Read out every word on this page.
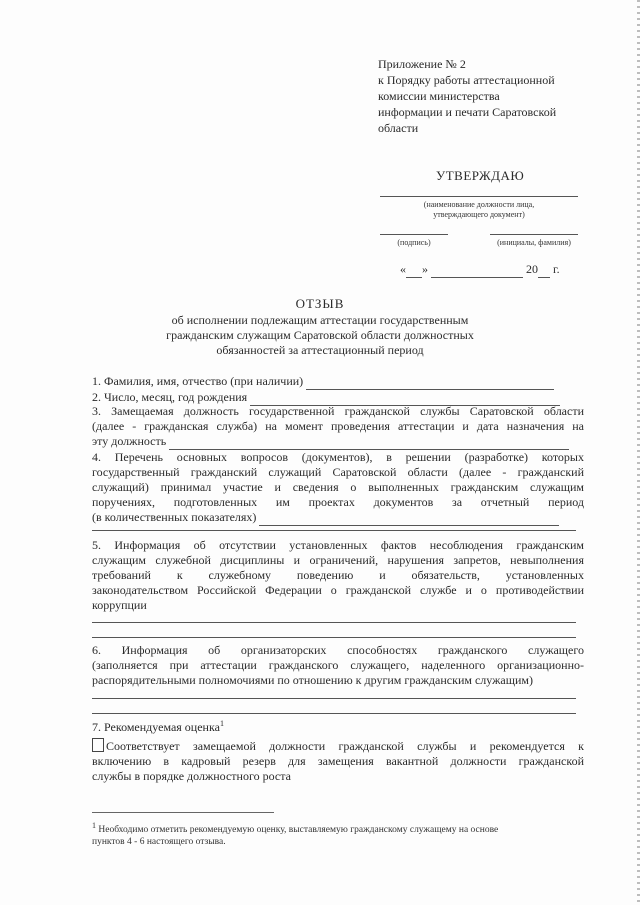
Приложение № 2
к Порядку работы аттестационной
комиссии министерства
информации и печати Саратовской
области
УТВЕРЖДАЮ
(наименование должности лица,
утверждающего документ)
(подпись)	(инициалы, фамилия)
« »	20 г.
ОТЗЫВ
об исполнении подлежащим аттестации государственным
гражданским служащим Саратовской области должностных
обязанностей за аттестационный период
1. Фамилия, имя, отчество (при наличии)
2. Число, месяц, год рождения
3. Замещаемая должность государственной гражданской службы Саратовской области
(далее - гражданская служба) на момент проведения аттестации и дата назначения на
эту должность
4. Перечень основных вопросов (документов), в решении (разработке) которых
государственный гражданский служащий Саратовской области (далее - гражданский
служащий) принимал участие и сведения о выполненных гражданским служащим
поручениях, подготовленных им проектах документов за отчетный период
(в количественных показателях)
5. Информация об отсутствии установленных фактов несоблюдения гражданским
служащим служебной дисциплины и ограничений, нарушения запретов, невыполнения
требований к служебному поведению и обязательств, установленных
законодательством Российской Федерации о гражданской службе и о противодействии
коррупции
6. Информация об организаторских способностях гражданского служащего
(заполняется при аттестации гражданского служащего, наделенного организационно-
распорядительными полномочиями по отношению к другим гражданским служащим)
7. Рекомендуемая оценка$^1$
Соответствует замещаемой должности гражданской службы и рекомендуется к
включению в кадровый резерв для замещения вакантной должности гражданской
службы в порядке должностного роста
$^1$ Необходимо отметить рекомендуемую оценку, выставляемую гражданскому служащему на основе
пунктов 4 - 6 настоящего отзыва.
